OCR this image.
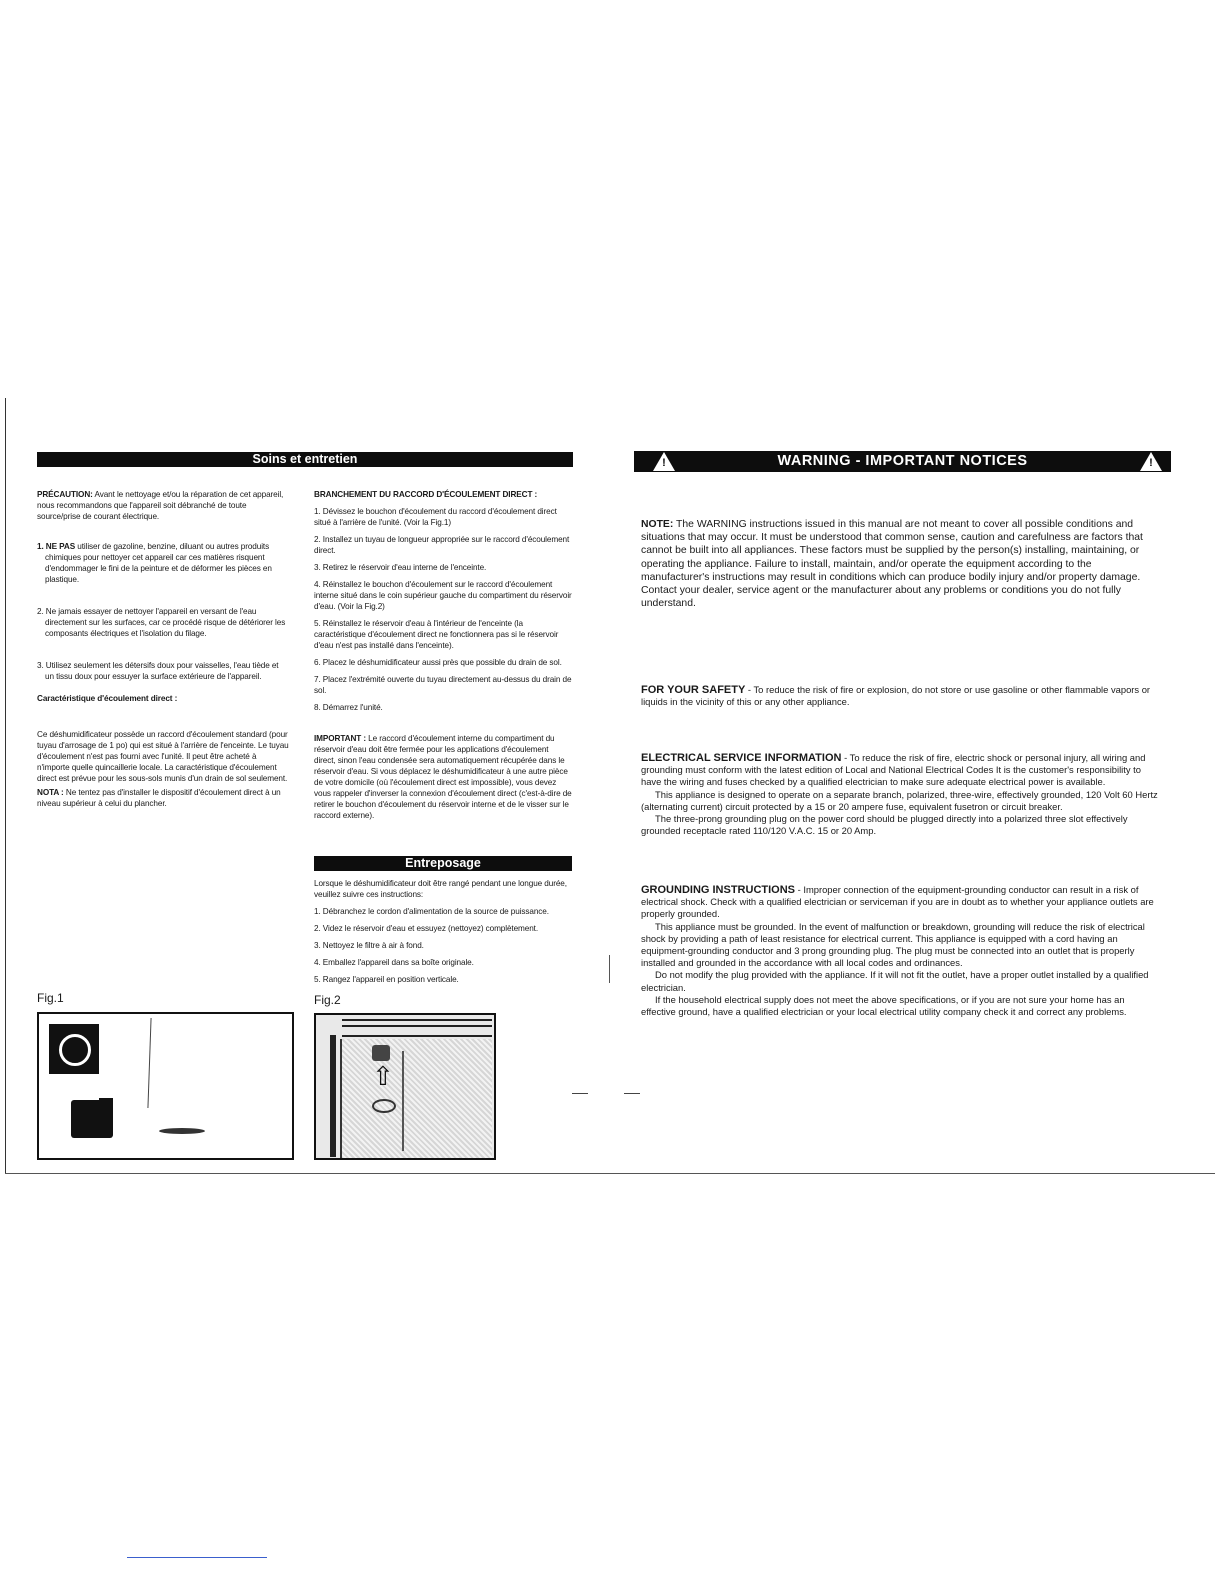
Soins et entretien

PRÉCAUTION: Avant le nettoyage et/ou la réparation de cet appareil, nous recommandons que l'appareil soit débranché de toute source/prise de courant électrique.

1. NE PAS utiliser de gazoline, benzine, diluant ou autres produits chimiques pour nettoyer cet appareil car ces matières risquent d'endommager le fini de la peinture et de déformer les pièces en plastique.

2. Ne jamais essayer de nettoyer l'appareil en versant de l'eau directement sur les surfaces, car ce procédé risque de détériorer les composants électriques et l'isolation du filage.

3. Utilisez seulement les détersifs doux pour vaisselles, l'eau tiède et un tissu doux pour essuyer la surface extérieure de l'appareil.

Caractéristique d'écoulement direct :

Ce déshumidificateur possède un raccord d'écoulement standard (pour tuyau d'arrosage de 1 po) qui est situé à l'arrière de l'enceinte. Le tuyau d'écoulement n'est pas fourni avec l'unité. Il peut être acheté à n'importe quelle quincaillerie locale. La caractéristique d'écoulement direct est prévue pour les sous-sols munis d'un drain de sol seulement.

NOTA : Ne tentez pas d'installer le dispositif d'écoulement direct à un niveau supérieur à celui du plancher.

Fig.1

BRANCHEMENT DU RACCORD D'ÉCOULEMENT DIRECT :

1. Dévissez le bouchon d'écoulement du raccord d'écoulement direct situé à l'arrière de l'unité. (Voir la Fig.1)
2. Installez un tuyau de longueur appropriée sur le raccord d'écoulement direct.
3. Retirez le réservoir d'eau interne de l'enceinte.
4. Réinstallez le bouchon d'écoulement sur le raccord d'écoulement interne situé dans le coin supérieur gauche du compartiment du réservoir d'eau. (Voir la Fig.2)
5. Réinstallez le réservoir d'eau à l'intérieur de l'enceinte (la caractéristique d'écoulement direct ne fonctionnera pas si le réservoir d'eau n'est pas installé dans l'enceinte).
6. Placez le déshumidificateur aussi près que possible du drain de sol.
7. Placez l'extrémité ouverte du tuyau directement au-dessus du drain de sol.
8. Démarrez l'unité.

IMPORTANT : Le raccord d'écoulement interne du compartiment du réservoir d'eau doit être fermée pour les applications d'écoulement direct, sinon l'eau condensée sera automatiquement récupérée dans le réservoir d'eau. Si vous déplacez le déshumidificateur à une autre pièce de votre domicile (où l'écoulement direct est impossible), vous devez vous rappeler d'inverser la connexion d'écoulement direct (c'est-à-dire de retirer le bouchon d'écoulement du réservoir interne et de le visser sur le raccord externe).

Entreposage

Lorsque le déshumidificateur doit être rangé pendant une longue durée, veuillez suivre ces instructions:

1. Débranchez le cordon d'alimentation de la source de puissance.
2. Videz le réservoir d'eau et essuyez (nettoyez) complètement.
3. Nettoyez le filtre à air à fond.
4. Emballez l'appareil dans sa boîte originale.
5. Rangez l'appareil en position verticale.
Fig.2
⇧
WARNING - IMPORTANT NOTICES
!	!

NOTE: The WARNING instructions issued in this manual are not meant to cover all possible conditions and situations that may occur. It must be understood that common sense, caution and carefulness are factors that cannot be built into all appliances. These factors must be supplied by the person(s) installing, maintaining, or operating the appliance. Failure to install, maintain, and/or operate the equipment according to the manufacturer's instructions may result in conditions which can produce bodily injury and/or property damage. Contact your dealer, service agent or the manufacturer about any problems or conditions you do not fully understand.

FOR YOUR SAFETY - To reduce the risk of fire or explosion, do not store or use gasoline or other flammable vapors or liquids in the vicinity of this or any other appliance.

ELECTRICAL SERVICE INFORMATION - To reduce the risk of fire, electric shock or personal injury, all wiring and grounding must conform with the latest edition of Local and National Electrical Codes It is the customer's responsibility to have the wiring and fuses checked by a qualified electrician to make sure adequate electrical power is available.

This appliance is designed to operate on a separate branch, polarized, three-wire, effectively grounded, 120 Volt 60 Hertz (alternating current) circuit protected by a 15 or 20 ampere fuse, equivalent fusetron or circuit breaker.

The three-prong grounding plug on the power cord should be plugged directly into a polarized three slot effectively grounded receptacle rated 110/120 V.A.C. 15 or 20 Amp.

GROUNDING INSTRUCTIONS - Improper connection of the equipment-grounding conductor can result in a risk of electrical shock. Check with a qualified electrician or serviceman if you are in doubt as to whether your appliance outlets are properly grounded.

This appliance must be grounded. In the event of malfunction or breakdown, grounding will reduce the risk of electrical shock by providing a path of least resistance for electrical current. This appliance is equipped with a cord having an equipment-grounding conductor and 3 prong grounding plug. The plug must be connected into an outlet that is properly installed and grounded in the accordance with all local codes and ordinances.

Do not modify the plug provided with the appliance. If it will not fit the outlet, have a proper outlet installed by a qualified electrician.

If the household electrical supply does not meet the above specifications, or if you are not sure your home has an effective ground, have a qualified electrician or your local electrical utility company check it and correct any problems.
